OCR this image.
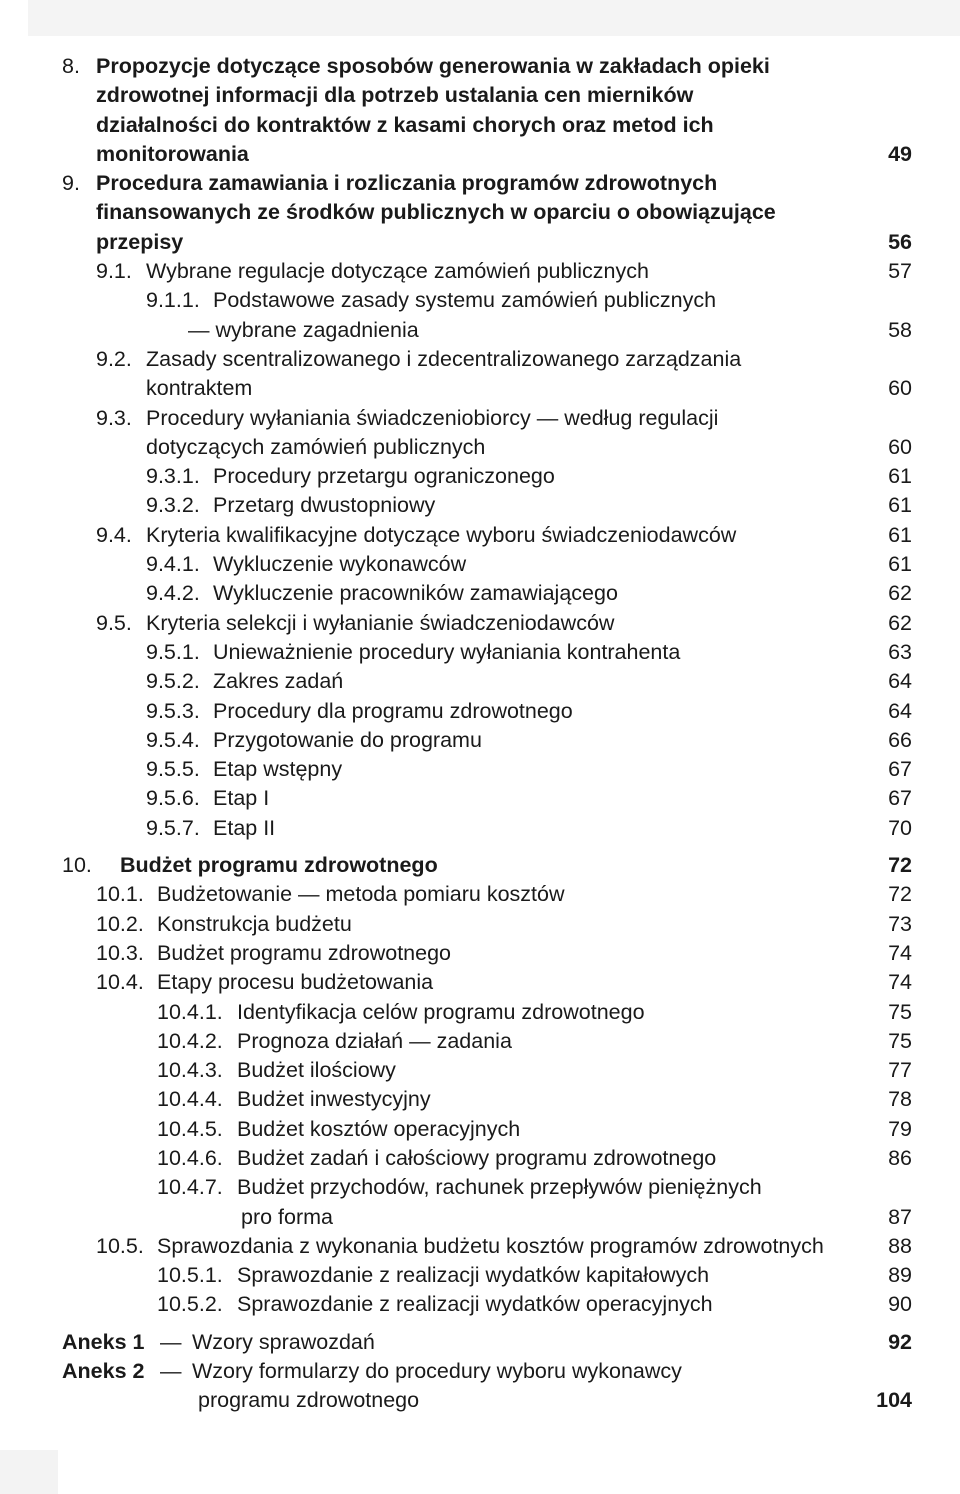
8. Propozycje dotyczące sposobów generowania w zakładach opieki
zdrowotnej informacji dla potrzeb ustalania cen mierników
działalności do kontraktów z kasami chorych oraz metod ich
monitorowania	49
9. Procedura zamawiania i rozliczania programów zdrowotnych
finansowanych ze środków publicznych w oparciu o obowiązujące
przepisy	56
9.1. Wybrane regulacje dotyczące zamówień publicznych	57
9.1.1. Podstawowe zasady systemu zamówień publicznych
— wybrane zagadnienia	58
9.2. Zasady scentralizowanego i zdecentralizowanego zarządzania
kontraktem	60
9.3. Procedury wyłaniania świadczeniobiorcy — według regulacji
dotyczących zamówień publicznych	60
9.3.1. Procedury przetargu ograniczonego	61
9.3.2. Przetarg dwustopniowy	61
9.4. Kryteria kwalifikacyjne dotyczące wyboru świadczeniodawców	61
9.4.1. Wykluczenie wykonawców	61
9.4.2. Wykluczenie pracowników zamawiającego	62
9.5. Kryteria selekcji i wyłanianie świadczeniodawców	62
9.5.1. Unieważnienie procedury wyłaniania kontrahenta	63
9.5.2. Zakres zadań	64
9.5.3. Procedury dla programu zdrowotnego	64
9.5.4. Przygotowanie do programu	66
9.5.5. Etap wstępny	67
9.5.6. Etap I	67
9.5.7. Etap II	70
10. Budżet programu zdrowotnego	72
10.1. Budżetowanie — metoda pomiaru kosztów	72
10.2. Konstrukcja budżetu	73
10.3. Budżet programu zdrowotnego	74
10.4. Etapy procesu budżetowania	74
10.4.1. Identyfikacja celów programu zdrowotnego	75
10.4.2. Prognoza działań — zadania	75
10.4.3. Budżet ilościowy	77
10.4.4. Budżet inwestycyjny	78
10.4.5. Budżet kosztów operacyjnych	79
10.4.6. Budżet zadań i całościowy programu zdrowotnego	86
10.4.7. Budżet przychodów, rachunek przepływów pieniężnych
pro forma	87
10.5. Sprawozdania z wykonania budżetu kosztów programów zdrowotnych	88
10.5.1. Sprawozdanie z realizacji wydatków kapitałowych	89
10.5.2. Sprawozdanie z realizacji wydatków operacyjnych	90
Aneks 1 — Wzory sprawozdań	92
Aneks 2 — Wzory formularzy do procedury wyboru wykonawcy
programu zdrowotnego	104
